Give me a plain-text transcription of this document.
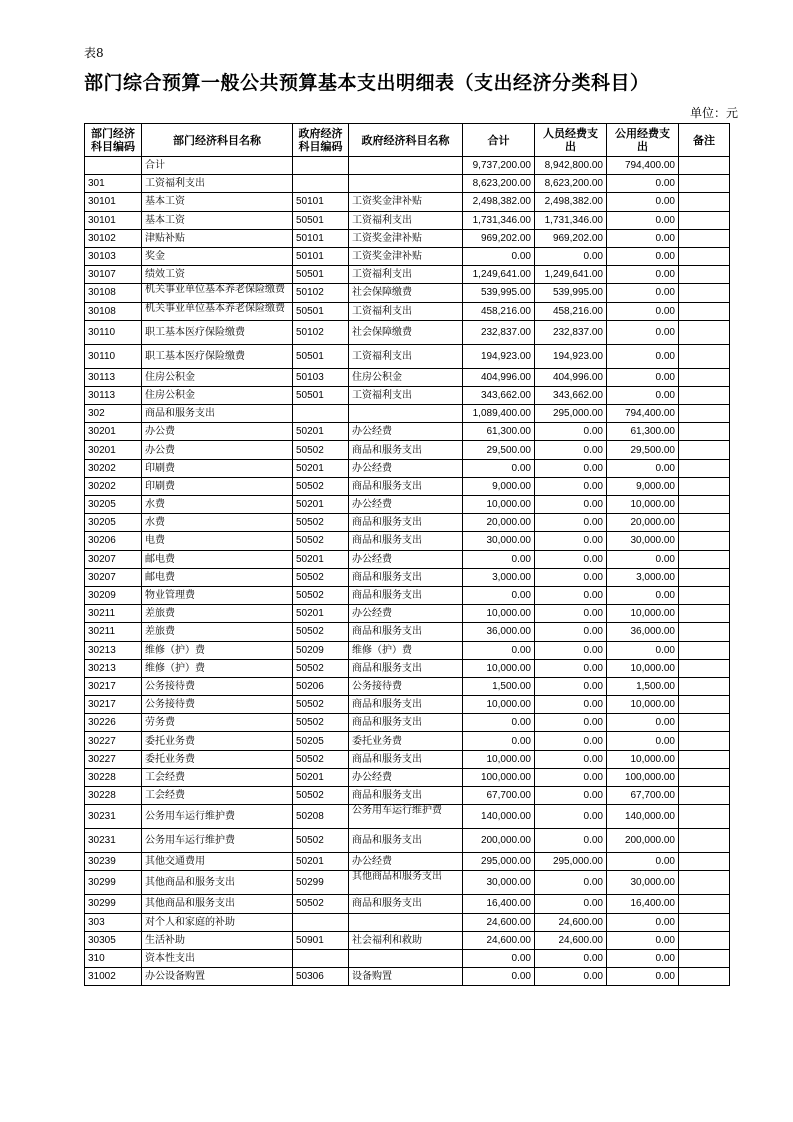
表8
部门综合预算一般公共预算基本支出明细表（支出经济分类科目）
单位：元
部门经济科目编码	部门经济科目名称	政府经济科目编码	政府经济科目名称	合计	人员经费支出	公用经费支出	备注
	合计			9,737,200.00	8,942,800.00	794,400.00	
301	工资福利支出			8,623,200.00	8,623,200.00	0.00	
30101	基本工资	50101	工资奖金津补贴	2,498,382.00	2,498,382.00	0.00	
30101	基本工资	50501	工资福利支出	1,731,346.00	1,731,346.00	0.00	
30102	津贴补贴	50101	工资奖金津补贴	969,202.00	969,202.00	0.00	
30103	奖金	50101	工资奖金津补贴	0.00	0.00	0.00	
30107	绩效工资	50501	工资福利支出	1,249,641.00	1,249,641.00	0.00	
30108	机关事业单位基本养老保险缴费	50102	社会保障缴费	539,995.00	539,995.00	0.00	
30108	机关事业单位基本养老保险缴费	50501	工资福利支出	458,216.00	458,216.00	0.00	
30110	职工基本医疗保险缴费	50102	社会保障缴费	232,837.00	232,837.00	0.00	
30110	职工基本医疗保险缴费	50501	工资福利支出	194,923.00	194,923.00	0.00	
30113	住房公积金	50103	住房公积金	404,996.00	404,996.00	0.00	
30113	住房公积金	50501	工资福利支出	343,662.00	343,662.00	0.00	
302	商品和服务支出			1,089,400.00	295,000.00	794,400.00	
30201	办公费	50201	办公经费	61,300.00	0.00	61,300.00	
30201	办公费	50502	商品和服务支出	29,500.00	0.00	29,500.00	
30202	印刷费	50201	办公经费	0.00	0.00	0.00	
30202	印刷费	50502	商品和服务支出	9,000.00	0.00	9,000.00	
30205	水费	50201	办公经费	10,000.00	0.00	10,000.00	
30205	水费	50502	商品和服务支出	20,000.00	0.00	20,000.00	
30206	电费	50502	商品和服务支出	30,000.00	0.00	30,000.00	
30207	邮电费	50201	办公经费	0.00	0.00	0.00	
30207	邮电费	50502	商品和服务支出	3,000.00	0.00	3,000.00	
30209	物业管理费	50502	商品和服务支出	0.00	0.00	0.00	
30211	差旅费	50201	办公经费	10,000.00	0.00	10,000.00	
30211	差旅费	50502	商品和服务支出	36,000.00	0.00	36,000.00	
30213	维修（护）费	50209	维修（护）费	0.00	0.00	0.00	
30213	维修（护）费	50502	商品和服务支出	10,000.00	0.00	10,000.00	
30217	公务接待费	50206	公务接待费	1,500.00	0.00	1,500.00	
30217	公务接待费	50502	商品和服务支出	10,000.00	0.00	10,000.00	
30226	劳务费	50502	商品和服务支出	0.00	0.00	0.00	
30227	委托业务费	50205	委托业务费	0.00	0.00	0.00	
30227	委托业务费	50502	商品和服务支出	10,000.00	0.00	10,000.00	
30228	工会经费	50201	办公经费	100,000.00	0.00	100,000.00	
30228	工会经费	50502	商品和服务支出	67,700.00	0.00	67,700.00	
30231	公务用车运行维护费	50208	公务用车运行维护费	140,000.00	0.00	140,000.00	
30231	公务用车运行维护费	50502	商品和服务支出	200,000.00	0.00	200,000.00	
30239	其他交通费用	50201	办公经费	295,000.00	295,000.00	0.00	
30299	其他商品和服务支出	50299	其他商品和服务支出	30,000.00	0.00	30,000.00	
30299	其他商品和服务支出	50502	商品和服务支出	16,400.00	0.00	16,400.00	
303	对个人和家庭的补助			24,600.00	24,600.00	0.00	
30305	生活补助	50901	社会福利和救助	24,600.00	24,600.00	0.00	
310	资本性支出			0.00	0.00	0.00	
31002	办公设备购置	50306	设备购置	0.00	0.00	0.00	
